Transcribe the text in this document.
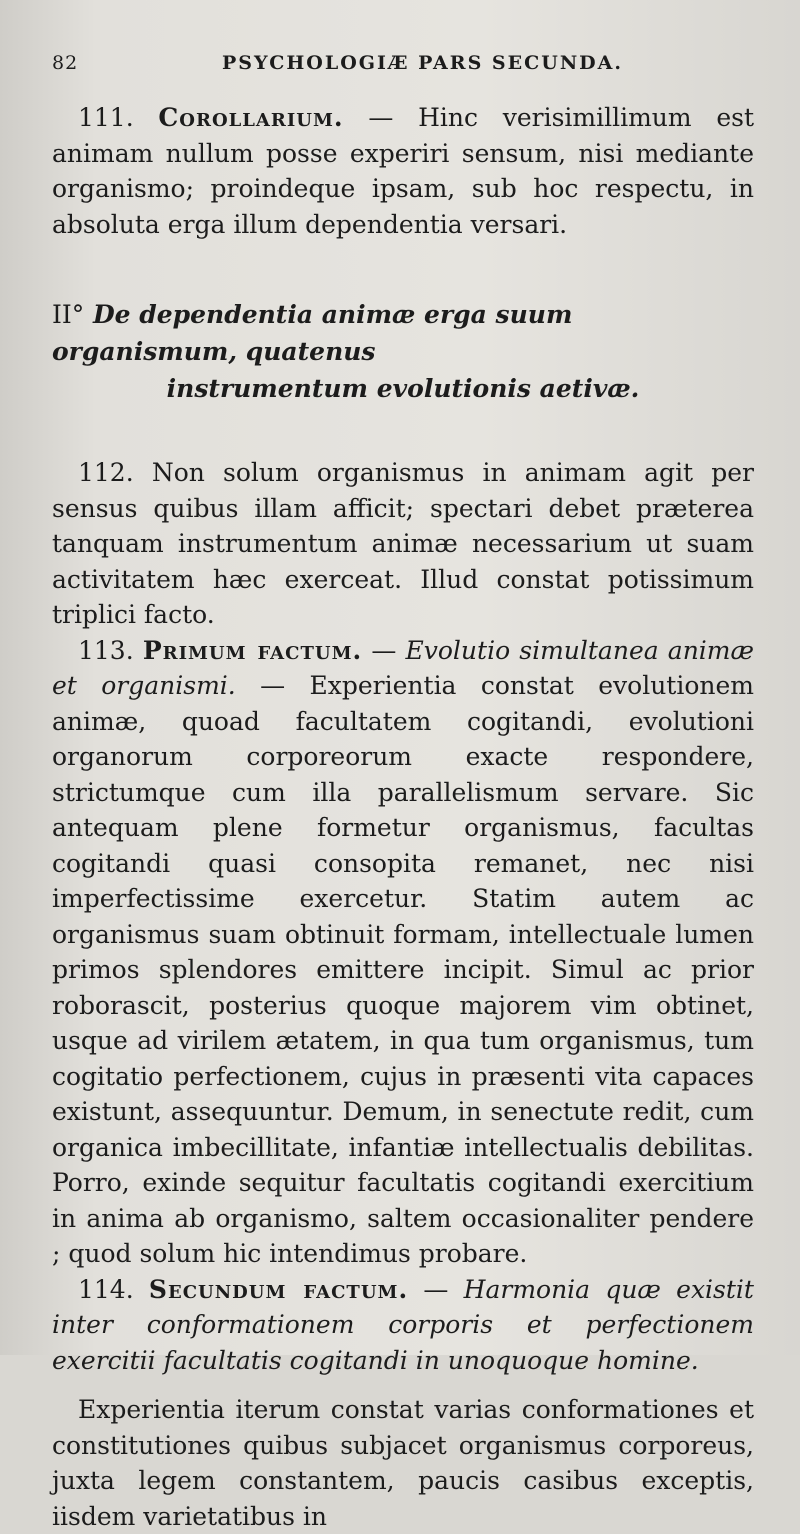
82	PSYCHOLOGIÆ PARS SECUNDA.

111. Corollarium. — Hinc verisimillimum est animam nullum posse experiri sensum, nisi mediante organismo; proindeque ipsam, sub hoc respectu, in absoluta erga illum dependentia versari.

II° De dependentia animæ erga suum organismum, quatenus
instrumentum evolutionis aetivæ.

112. Non solum organismus in animam agit per sensus quibus illam afficit; spectari debet præterea tanquam instrumentum animæ necessarium ut suam activitatem hæc exerceat. Illud constat potissimum triplici facto.

113. Primum factum. — Evolutio simultanea animæ et organismi. — Experientia constat evolutionem animæ, quoad facultatem cogitandi, evolutioni organorum corporeorum exacte respondere, strictumque cum illa parallelismum servare. Sic antequam plene formetur organismus, facultas cogitandi quasi consopita remanet, nec nisi imperfectissime exercetur. Statim autem ac organismus suam obtinuit formam, intellectuale lumen primos splendores emittere incipit. Simul ac prior roborascit, posterius quoque majorem vim obtinet, usque ad virilem ætatem, in qua tum organismus, tum cogitatio perfectionem, cujus in præsenti vita capaces existunt, assequuntur. Demum, in senectute redit, cum organica imbecillitate, infantiæ intellectualis debilitas. Porro, exinde sequitur facultatis cogitandi exercitium in anima ab organismo, saltem occasionaliter pendere ; quod solum hic intendimus probare.

114. Secundum factum. — Harmonia quæ existit inter conformationem corporis et perfectionem exercitii facultatis cogitandi in unoquoque homine.

Experientia iterum constat varias conformationes et constitutiones quibus subjacet organismus corporeus, juxta legem constantem, paucis casibus exceptis, iisdem varietatibus in
